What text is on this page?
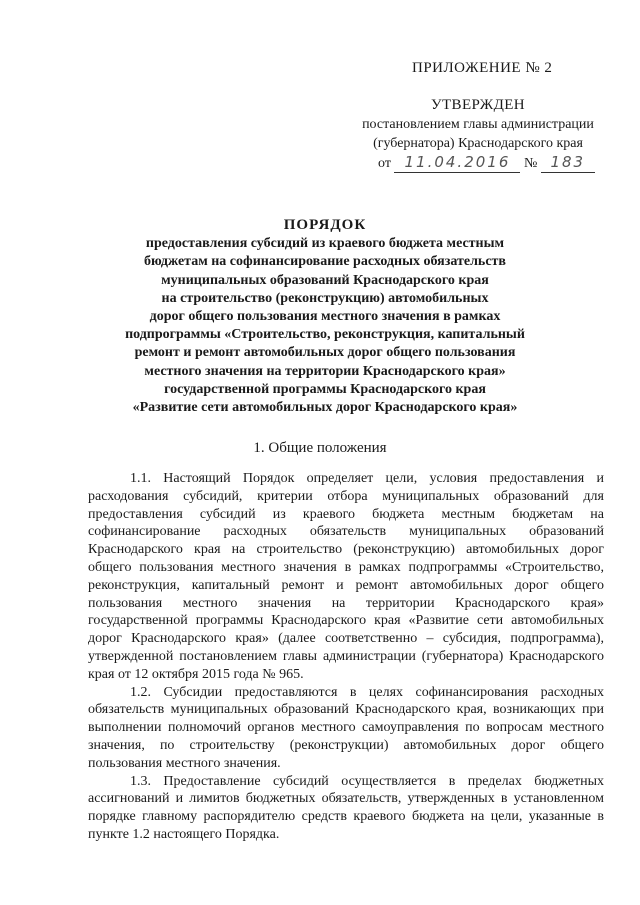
ПРИЛОЖЕНИЕ № 2
УТВЕРЖДЕН
постановлением главы администрации
(губернатора) Краснодарского края
от 11.04.2016 № 183
ПОРЯДОК
предоставления субсидий из краевого бюджета местным
бюджетам на софинансирование расходных обязательств
муниципальных образований Краснодарского края
на строительство (реконструкцию) автомобильных
дорог общего пользования местного значения в рамках
подпрограммы «Строительство, реконструкция, капитальный
ремонт и ремонт автомобильных дорог общего пользования
местного значения на территории Краснодарского края»
государственной программы Краснодарского края
«Развитие сети автомобильных дорог Краснодарского края»
1. Общие положения

1.1. Настоящий Порядок определяет цели, условия предоставления и расходования субсидий, критерии отбора муниципальных образований для предоставления субсидий из краевого бюджета местным бюджетам на софинансирование расходных обязательств муниципальных образований Краснодарского края на строительство (реконструкцию) автомобильных дорог общего пользования местного значения в рамках подпрограммы «Строительство, реконструкция, капитальный ремонт и ремонт автомобильных дорог общего пользования местного значения на территории Краснодарского края» государственной программы Краснодарского края «Развитие сети автомобильных дорог Краснодарского края» (далее соответственно – субсидия, подпрограмма), утвержденной постановлением главы администрации (губернатора) Краснодарского края от 12 октября 2015 года № 965.

1.2. Субсидии предоставляются в целях софинансирования расходных обязательств муниципальных образований Краснодарского края, возникающих при выполнении полномочий органов местного самоуправления по вопросам местного значения, по строительству (реконструкции) автомобильных дорог общего пользования местного значения.

1.3. Предоставление субсидий осуществляется в пределах бюджетных ассигнований и лимитов бюджетных обязательств, утвержденных в установленном порядке главному распорядителю средств краевого бюджета на цели, указанные в пункте 1.2 настоящего Порядка.
